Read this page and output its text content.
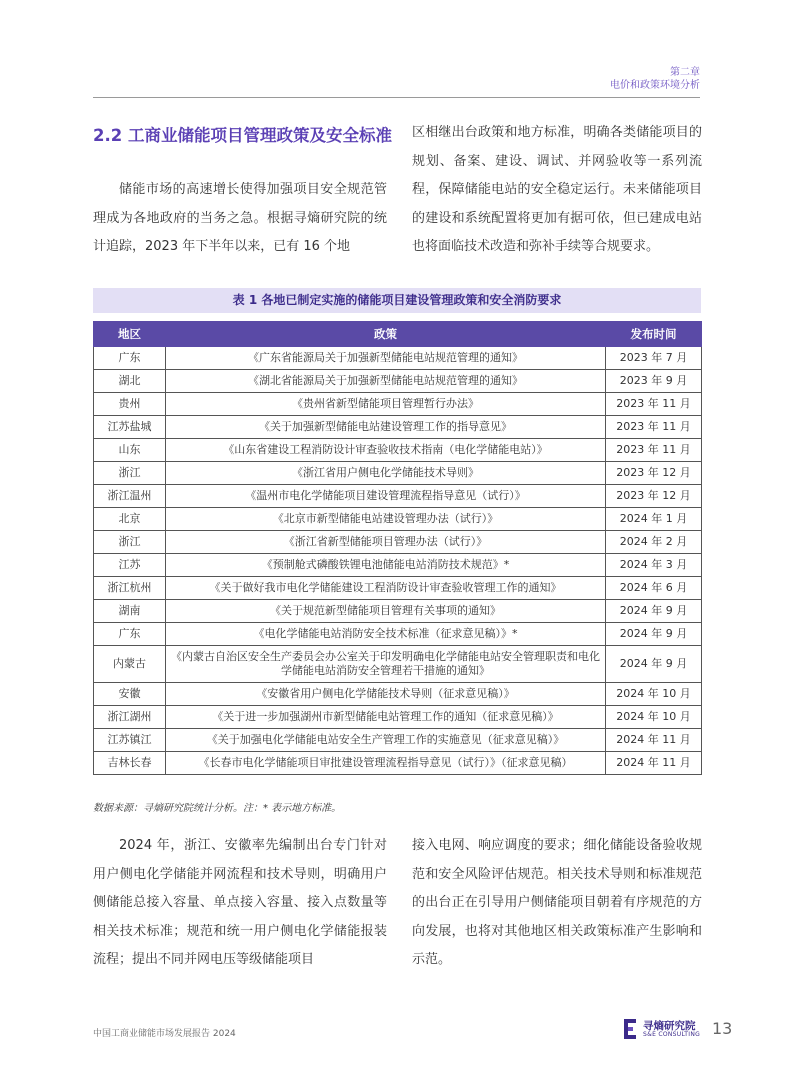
第二章
电价和政策环境分析
2.2 工商业储能项目管理政策及安全标准

储能市场的高速增长使得加强项目安全规范管理成为各地政府的当务之急。根据寻熵研究院的统计追踪，2023 年下半年以来，已有 16 个地

区相继出台政策和地方标准，明确各类储能项目的规划、备案、建设、调试、并网验收等一系列流程，保障储能电站的安全稳定运行。未来储能项目的建设和系统配置将更加有据可依，但已建成电站也将面临技术改造和弥补手续等合规要求。

表 1 各地已制定实施的储能项目建设管理政策和安全消防要求
地区	政策	发布时间
广东	《广东省能源局关于加强新型储能电站规范管理的通知》	2023 年 7 月
湖北	《湖北省能源局关于加强新型储能电站规范管理的通知》	2023 年 9 月
贵州	《贵州省新型储能项目管理暂行办法》	2023 年 11 月
江苏盐城	《关于加强新型储能电站建设管理工作的指导意见》	2023 年 11 月
山东	《山东省建设工程消防设计审查验收技术指南（电化学储能电站）》	2023 年 11 月
浙江	《浙江省用户侧电化学储能技术导则》	2023 年 12 月
浙江温州	《温州市电化学储能项目建设管理流程指导意见（试行）》	2023 年 12 月
北京	《北京市新型储能电站建设管理办法（试行）》	2024 年 1 月
浙江	《浙江省新型储能项目管理办法（试行）》	2024 年 2 月
江苏	《预制舱式磷酸铁锂电池储能电站消防技术规范》*	2024 年 3 月
浙江杭州	《关于做好我市电化学储能建设工程消防设计审查验收管理工作的通知》	2024 年 6 月
湖南	《关于规范新型储能项目管理有关事项的通知》	2024 年 9 月
广东	《电化学储能电站消防安全技术标准（征求意见稿）》*	2024 年 9 月
内蒙古	《内蒙古自治区安全生产委员会办公室关于印发明确电化学储能电站安全管理职责和电化学储能电站消防安全管理若干措施的通知》	2024 年 9 月
安徽	《安徽省用户侧电化学储能技术导则（征求意见稿）》	2024 年 10 月
浙江湖州	《关于进一步加强湖州市新型储能电站管理工作的通知（征求意见稿）》	2024 年 10 月
江苏镇江	《关于加强电化学储能电站安全生产管理工作的实施意见（征求意见稿）》	2024 年 11 月
吉林长春	《长春市电化学储能项目审批建设管理流程指导意见（试行）》（征求意见稿）	2024 年 11 月
数据来源：寻熵研究院统计分析。注：* 表示地方标准。

2024 年，浙江、安徽率先编制出台专门针对用户侧电化学储能并网流程和技术导则，明确用户侧储能总接入容量、单点接入容量、接入点数量等相关技术标准；规范和统一用户侧电化学储能报装流程；提出不同并网电压等级储能项目

接入电网、响应调度的要求；细化储能设备验收规范和安全风险评估规范。相关技术导则和标准规范的出台正在引导用户侧储能项目朝着有序规范的方向发展，也将对其他地区相关政策标准产生影响和示范。

中国工商业储能市场发展报告 2024
寻熵研究院
S&E CONSULTING 13
